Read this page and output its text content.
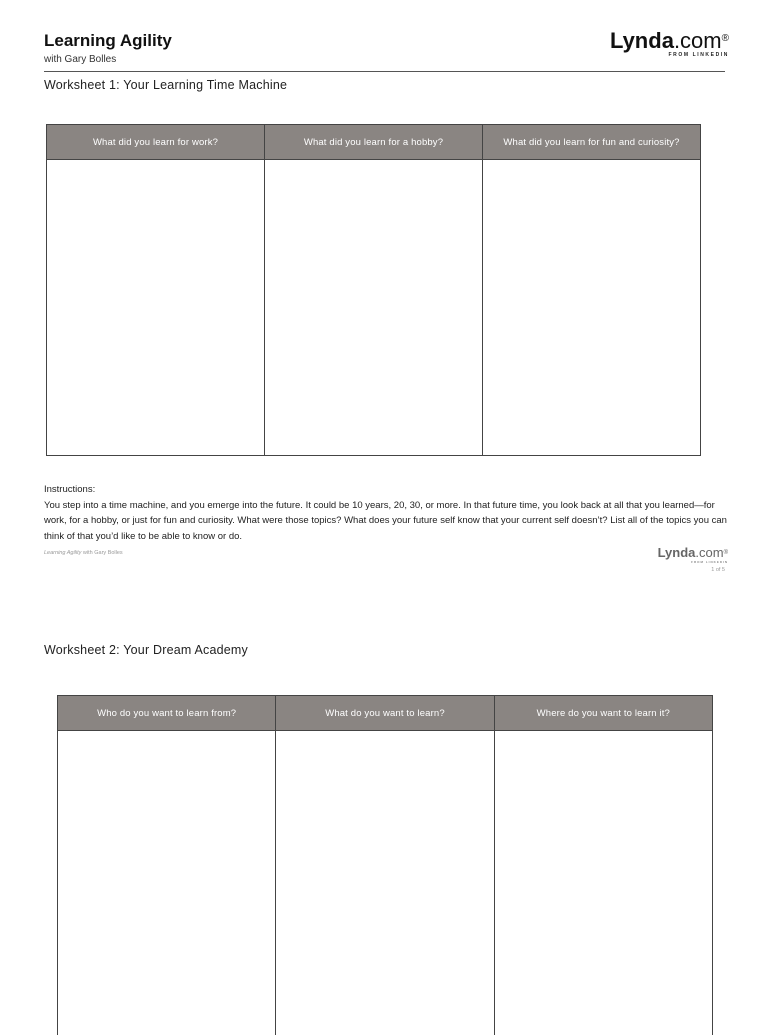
Learning Agility
with Gary Bolles
Lynda.com®
FROM LINKEDIN
Worksheet 1: Your Learning Time Machine
What did you learn for work?	What did you learn for a hobby?	What did you learn for fun and curiosity?
Instructions:
You step into a time machine, and you emerge into the future. It could be 10 years, 20, 30, or more. In that future time, you look back at all that you learned—for work, for a hobby, or just for fun and curiosity. What were those topics? What does your future self know that your current self doesn’t? List all of the topics you can think of that you’d like to be able to know or do.
Learning Agility with Gary Bolles	Lynda.com®
FROM LINKEDIN
1 of 5
Worksheet 2: Your Dream Academy
Who do you want to learn from?	What do you want to learn?	Where do you want to learn it?
